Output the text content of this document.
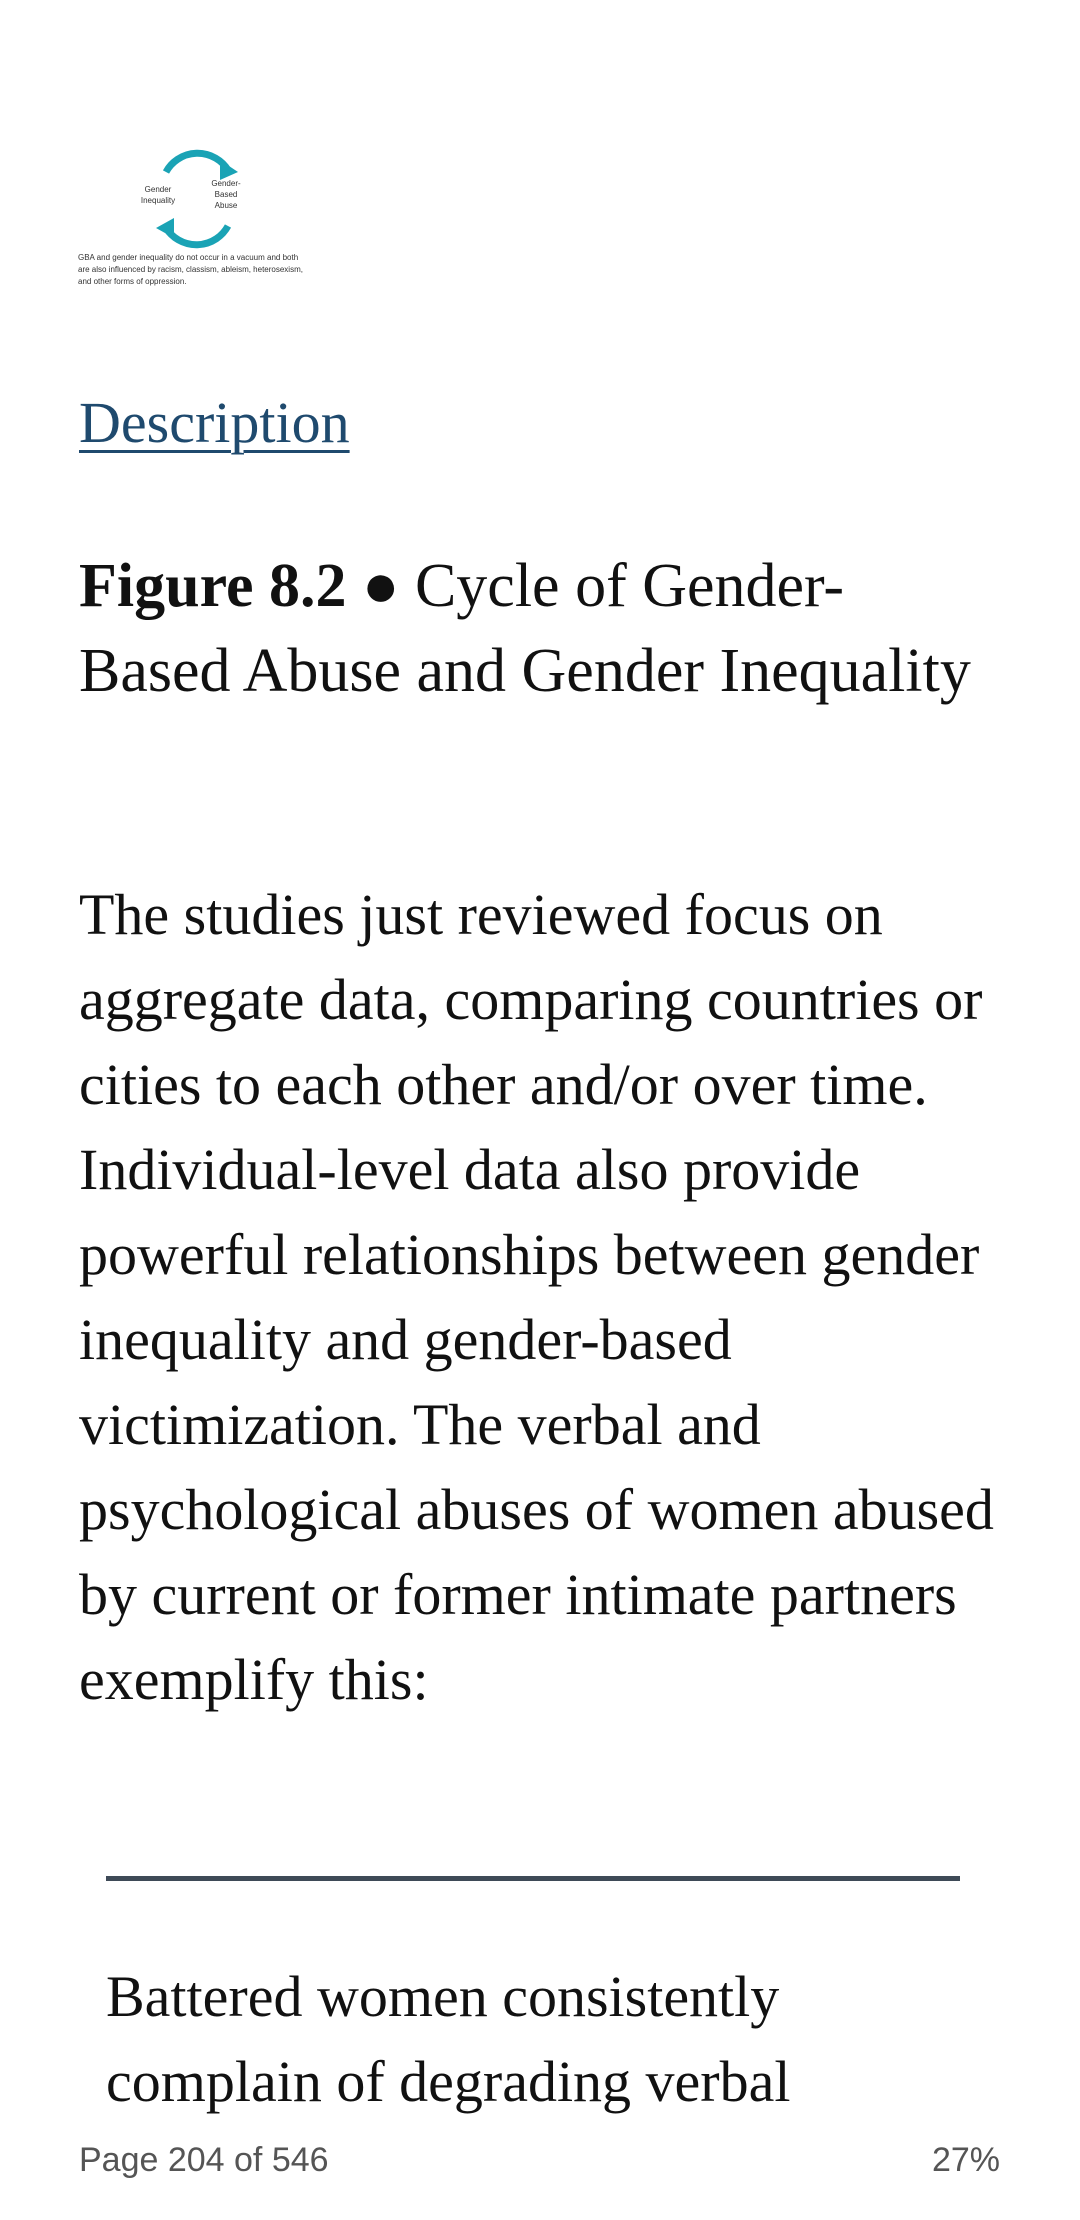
Gender
Inequality
Gender-
Based
Abuse
GBA and gender inequality do not occur in a vacuum and both are also influenced by racism, classism, ableism, heterosexism, and other forms of oppression.
Description
Figure 8.2 ● Cycle of Gender-Based Abuse and Gender Inequality

The studies just reviewed focus on aggregate data, comparing countries or cities to each other and/or over time. Individual-level data also provide powerful relationships between gender inequality and gender-based victimization. The verbal and psychological abuses of women abused by current or former intimate partners exemplify this:

Battered women consistently complain of degrading verbal

Page 204 of 546	27%
